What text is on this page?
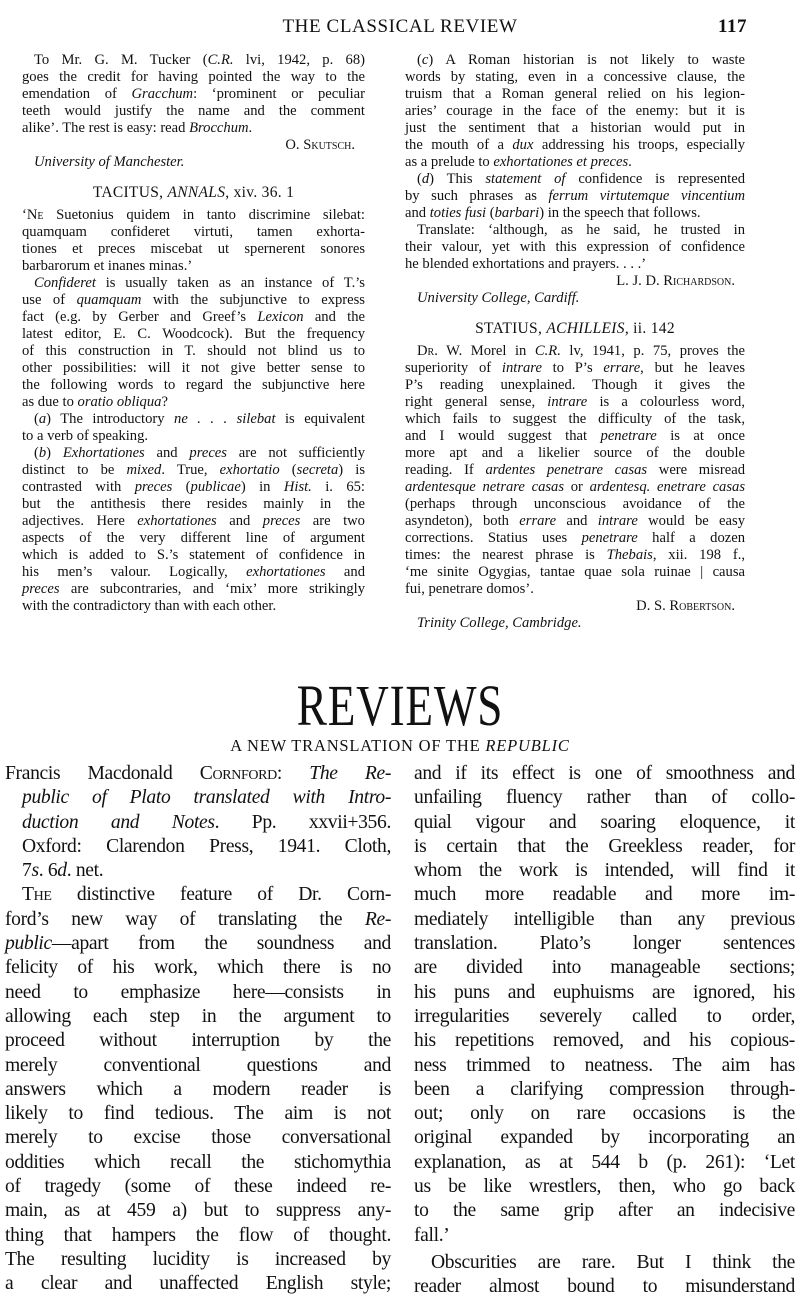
THE CLASSICAL REVIEW	117
To Mr. G. M. Tucker (C.R. lvi, 1942, p. 68)
goes the credit for having pointed the way to the
emendation of Gracchum: ‘prominent or peculiar
teeth would justify the name and the comment
alike’. The rest is easy: read Brocchum.
O. Skutsch.
University of Manchester.
TACITUS, ANNALS, xiv. 36. 1
‘Ne Suetonius quidem in tanto discrimine silebat:
quamquam confideret virtuti, tamen exhorta-
tiones et preces miscebat ut spernerent sonores
barbarorum et inanes minas.’
Confideret is usually taken as an instance of T.’s
use of quamquam with the subjunctive to express
fact (e.g. by Gerber and Greef’s Lexicon and the
latest editor, E. C. Woodcock). But the frequency
of this construction in T. should not blind us to
other possibilities: will it not give better sense to
the following words to regard the subjunctive here
as due to oratio obliqua?
(a) The introductory ne . . . silebat is equivalent
to a verb of speaking.
(b) Exhortationes and preces are not sufficiently
distinct to be mixed. True, exhortatio (secreta) is
contrasted with preces (publicae) in Hist. i. 65:
but the antithesis there resides mainly in the
adjectives. Here exhortationes and preces are two
aspects of the very different line of argument
which is added to S.’s statement of confidence in
his men’s valour. Logically, exhortationes and
preces are subcontraries, and ‘mix’ more strikingly
with the contradictory than with each other.
(c) A Roman historian is not likely to waste
words by stating, even in a concessive clause, the
truism that a Roman general relied on his legion-
aries’ courage in the face of the enemy: but it is
just the sentiment that a historian would put in
the mouth of a dux addressing his troops, especially
as a prelude to exhortationes et preces.
(d) This statement of confidence is represented
by such phrases as ferrum virtutemque vincentium
and toties fusi (barbari) in the speech that follows.
Translate: ‘although, as he said, he trusted in
their valour, yet with this expression of confidence
he blended exhortations and prayers. . . .’
L. J. D. Richardson.
University College, Cardiff.
STATIUS, ACHILLEIS, ii. 142
Dr. W. Morel in C.R. lv, 1941, p. 75, proves the
superiority of intrare to P’s errare, but he leaves
P’s reading unexplained. Though it gives the
right general sense, intrare is a colourless word,
which fails to suggest the difficulty of the task,
and I would suggest that penetrare is at once
more apt and a likelier source of the double
reading. If ardentes penetrare casas were misread
ardentesque netrare casas or ardentesq. enetrare casas
(perhaps through unconscious avoidance of the
asyndeton), both errare and intrare would be easy
corrections. Statius uses penetrare half a dozen
times: the nearest phrase is Thebais, xii. 198 f.,
‘me sinite Ogygias, tantae quae sola ruinae | causa
fui, penetrare domos’.
D. S. Robertson.
Trinity College, Cambridge.
REVIEWS
A NEW TRANSLATION OF THE REPUBLIC
Francis Macdonald Cornford: The Re-
public of Plato translated with Intro-
duction and Notes. Pp. xxvii+356.
Oxford: Clarendon Press, 1941. Cloth,
7s. 6d. net.
The distinctive feature of Dr. Corn-
ford’s new way of translating the Re-
public—apart from the soundness and
felicity of his work, which there is no
need to emphasize here—consists in
allowing each step in the argument to
proceed without interruption by the
merely conventional questions and
answers which a modern reader is
likely to find tedious. The aim is not
merely to excise those conversational
oddities which recall the stichomythia
of tragedy (some of these indeed re-
main, as at 459 a) but to suppress any-
thing that hampers the flow of thought.
The resulting lucidity is increased by
a clear and unaffected English style;
and if its effect is one of smoothness and
unfailing fluency rather than of collo-
quial vigour and soaring eloquence, it
is certain that the Greekless reader, for
whom the work is intended, will find it
much more readable and more im-
mediately intelligible than any previous
translation. Plato’s longer sentences
are divided into manageable sections;
his puns and euphuisms are ignored, his
irregularities severely called to order,
his repetitions removed, and his copious-
ness trimmed to neatness. The aim has
been a clarifying compression through-
out; only on rare occasions is the
original expanded by incorporating an
explanation, as at 544 b (p. 261): ‘Let
us be like wrestlers, then, who go back
to the same grip after an indecisive
fall.’
Obscurities are rare. But I think the
reader almost bound to misunderstand
